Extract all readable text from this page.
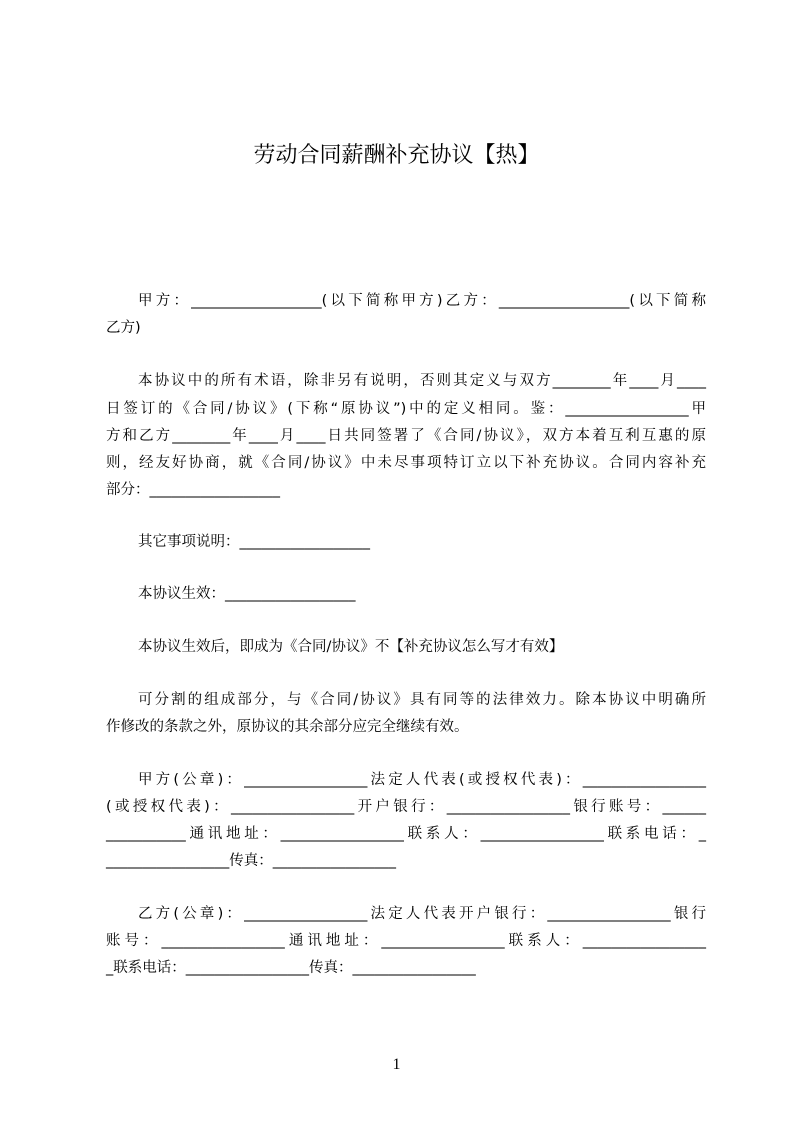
劳动合同薪酬补充协议【热】
甲方：__________________(以下简称甲方)乙方：__________________(以下简称
乙方)
本协议中的所有术语，除非另有说明，否则其定义与双方________年____月____
日签订的《合同/协议》(下称“原协议”)中的定义相同。鉴：_________________甲
方和乙方________年____月____日共同签署了《合同/协议》，双方本着互利互惠的原
则，经友好协商，就《合同/协议》中未尽事项特订立以下补充协议。合同内容补充
部分：__________________
其它事项说明：__________________
本协议生效：__________________
本协议生效后，即成为《合同/协议》不【补充协议怎么写才有效】
可分割的组成部分，与《合同/协议》具有同等的法律效力。除本协议中明确所
作修改的条款之外，原协议的其余部分应完全继续有效。
甲方(公章)：_________________法定人代表(或授权代表)：_________________
(或授权代表)：_________________开户银行：_________________银行账号：______
___________通讯地址：_________________联系人：_________________联系电话：_
_________________传真：_________________
乙方(公章)：_________________法定人代表开户银行：_________________银行
账号：_________________通讯地址：_________________联系人：_________________
_联系电话：_________________传真：_________________
1
